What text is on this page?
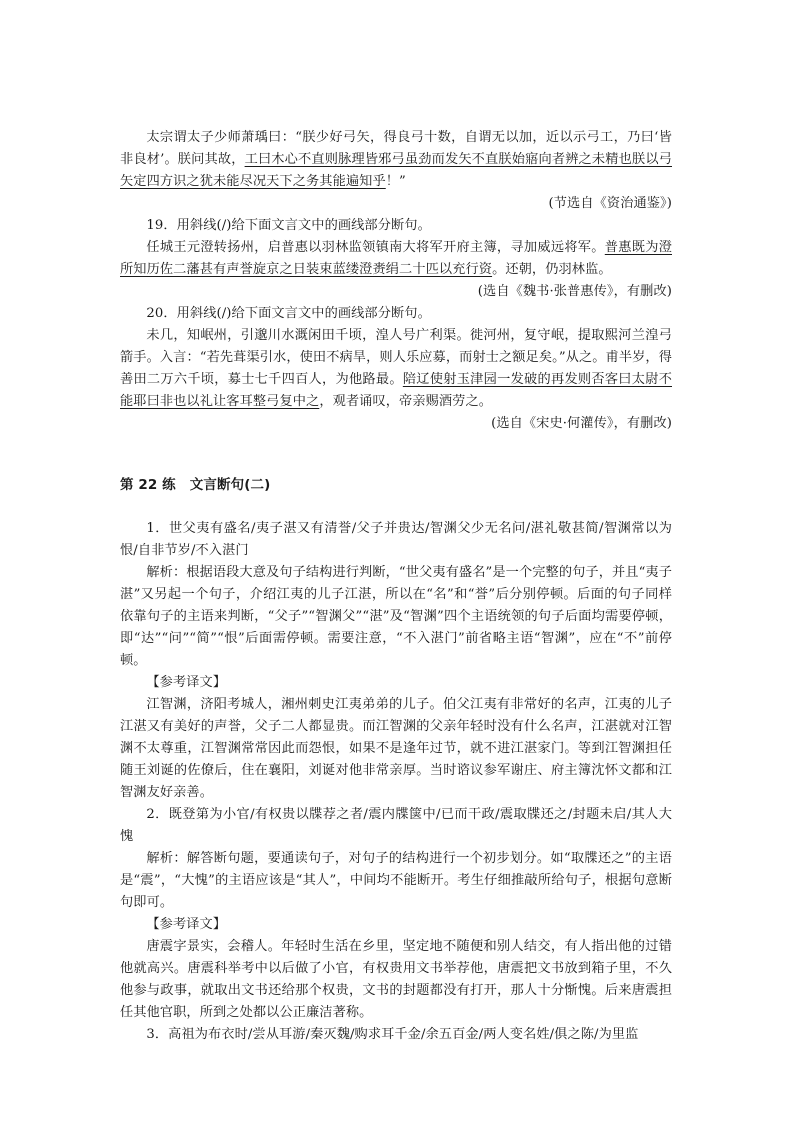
太宗谓太子少师萧瑀曰：“朕少好弓矢，得良弓十数，自谓无以加，近以示弓工，乃曰‘皆非良材’。朕问其故，工曰木心不直则脉理皆邪弓虽劲而发矢不直朕始寤向者辨之未精也朕以弓矢定四方识之犹未能尽况天下之务其能遍知乎！”

(节选自《资治通鉴》)

19．用斜线(/)给下面文言文中的画线部分断句。

任城王元澄转扬州，启普惠以羽林监领镇南大将军开府主簿，寻加威远将军。普惠既为澄所知历佐二藩甚有声誉旋京之日装束蓝缕澄赉绢二十匹以充行资。还朝，仍羽林监。

(选自《魏书·张普惠传》，有删改)

20．用斜线(/)给下面文言文中的画线部分断句。

未几，知岷州，引邈川水溉闲田千顷，湟人号广利渠。徙河州，复守岷，提取熙河兰湟弓箭手。入言：“若先葺渠引水，使田不病旱，则人乐应募，而射士之额足矣。”从之。甫半岁，得善田二万六千顷，募士七千四百人，为他路最。陪辽使射玉津园一发破的再发则否客曰太尉不能耶曰非也以礼让客耳整弓复中之，观者诵叹，帝亲赐酒劳之。

(选自《宋史·何灌传》，有删改)

第 22 练 文言断句(二)

1．世父夷有盛名/夷子湛又有清誉/父子并贵达/智渊父少无名问/湛礼敬甚简/智渊常以为恨/自非节岁/不入湛门

解析：根据语段大意及句子结构进行判断，“世父夷有盛名”是一个完整的句子，并且“夷子湛”又另起一个句子，介绍江夷的儿子江湛，所以在“名”和“誉”后分别停顿。后面的句子同样依靠句子的主语来判断，“父子”“智渊父”“湛”及“智渊”四个主语统领的句子后面均需要停顿，即“达”“问”“简”“恨”后面需停顿。需要注意，“不入湛门”前省略主语“智渊”，应在“不”前停顿。

【参考译文】

江智渊，济阳考城人，湘州刺史江夷弟弟的儿子。伯父江夷有非常好的名声，江夷的儿子江湛又有美好的声誉，父子二人都显贵。而江智渊的父亲年轻时没有什么名声，江湛就对江智渊不太尊重，江智渊常常因此而怨恨，如果不是逢年过节，就不进江湛家门。等到江智渊担任随王刘诞的佐僚后，住在襄阳，刘诞对他非常亲厚。当时谘议参军谢庄、府主簿沈怀文都和江智渊友好亲善。

2．既登第为小官/有权贵以牒荐之者/震内牒箧中/已而干政/震取牒还之/封题未启/其人大愧

解析：解答断句题，要通读句子，对句子的结构进行一个初步划分。如“取牒还之”的主语是“震”，“大愧”的主语应该是“其人”，中间均不能断开。考生仔细推敲所给句子，根据句意断句即可。

【参考译文】

唐震字景实，会稽人。年轻时生活在乡里，坚定地不随便和别人结交，有人指出他的过错他就高兴。唐震科举考中以后做了小官，有权贵用文书举荐他，唐震把文书放到箱子里，不久他参与政事，就取出文书还给那个权贵，文书的封题都没有打开，那人十分惭愧。后来唐震担任其他官职，所到之处都以公正廉洁著称。

3．高祖为布衣时/尝从耳游/秦灭魏/购求耳千金/余五百金/两人变名姓/俱之陈/为里监
